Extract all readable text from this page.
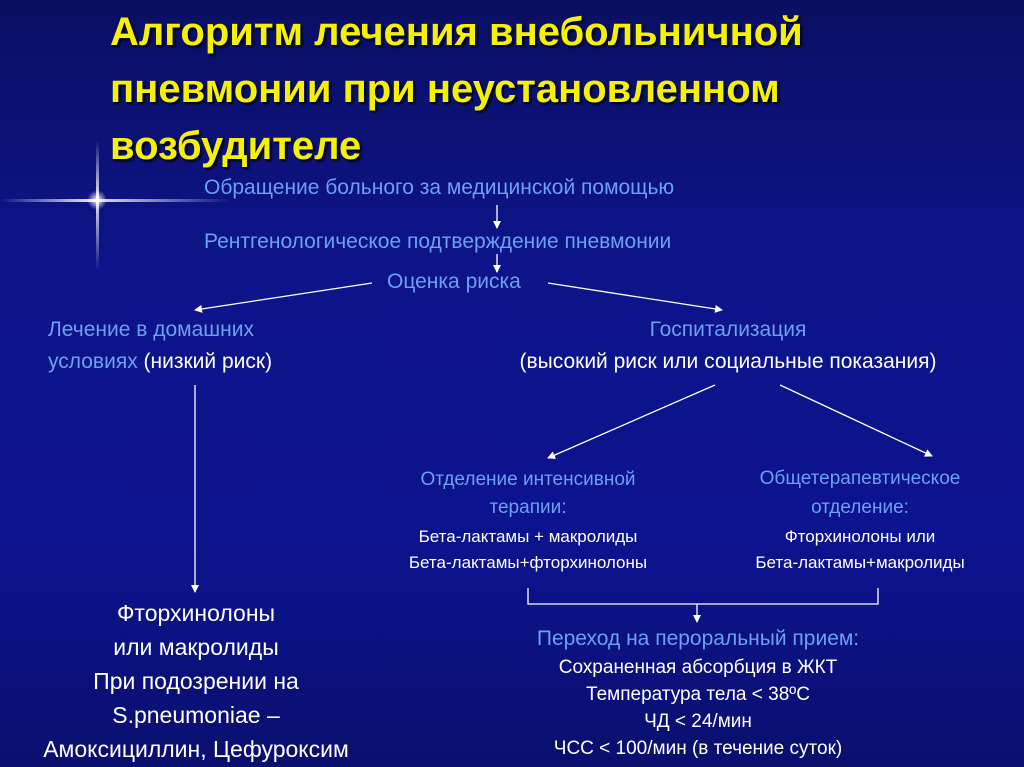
Алгоритм лечения внебольничной
пневмонии при неустановленном
возбудителе
Обращение больного за медицинской помощью
Рентгенологическое подтверждение пневмонии
Оценка риска
Лечение в домашних
условиях (низкий риск)
Госпитализация
(высокий риск или социальные показания)
Отделение интенсивной
терапии:
Бета-лактамы + макролиды
Бета-лактамы+фторхинолоны
Общетерапевтическое
отделение:
Фторхинолоны или
Бета-лактамы+макролиды
Фторхинолоны
или макролиды
При подозрении на
S.pneumoniae –
Амоксициллин, Цефуроксим
Переход на пероральный прием:
Сохраненная абсорбция в ЖКТ
Температура тела < 38ºС
ЧД < 24/мин
ЧСС < 100/мин (в течение суток)
